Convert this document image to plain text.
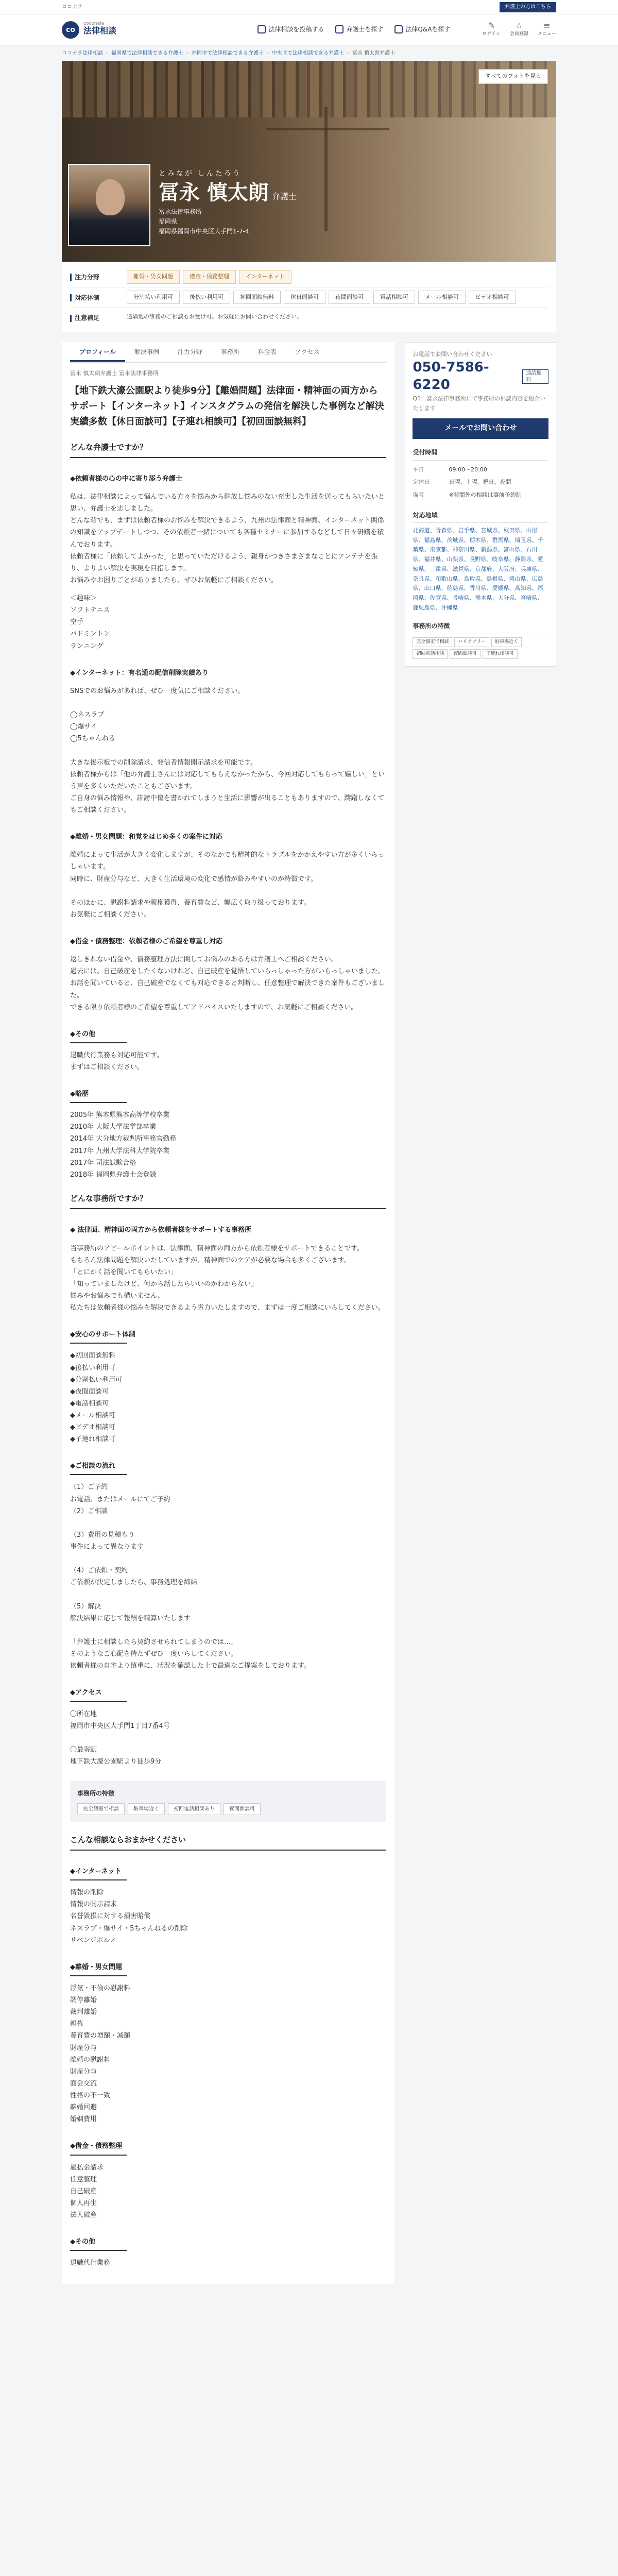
ココナラ	弁護士の方はこちら
co
coconala
法律相談	法律相談を投稿する	弁護士を探す	法律Q&Aを探す	✎
ログイン
☆
会員登録
≡
メニュー
ココナラ法律相談 › 福岡県で法律相談できる弁護士 › 福岡市で法律相談できる弁護士 › 中央区で法律相談できる弁護士 › 冨永 慎太朗弁護士
すべてのフォトを見る
とみなが しんたろう
冨永 慎太朗 弁護士
冨永法律事務所
福岡県
福岡県福岡市中央区大手門1-7-4
注力分野	離婚・男女問題	借金・債務整理	インターネット
対応体制	分割払い利用可	後払い利用可	初回面談無料	休日面談可	夜間面談可	電話相談可	メール相談可	ビデオ相談可
注意補足	遠隔地の事務のご相談もお受け可。お気軽にお問い合わせください。
プロフィール	解決事例	注力分野	事務所	料金表	アクセス
冨永 慎太朗弁護士 冨永法律事務所
【地下鉄大濠公園駅より徒歩9分】【離婚問題】法律面・精神面の両方からサポート【インターネット】インスタグラムの発信を解決した事例など解決実績多数【休日面談可】【子連れ相談可】【初回面談無料】
どんな弁護士ですか？
◆依頼者様の心の中に寄り添う弁護士
私は、法律相談によって悩んでいる方々を悩みから解放し悩みのない充実した生活を送ってもらいたいと思い、弁護士を志しました。
どんな時でも、まずは依頼者様のお悩みを解決できるよう、九州の法律面と精神面、インターネット関係の知識をアップデートしつつ、その依頼者一緒についても各種セミナーに参加するなどして日々研鑽を積んでおります。
依頼者様に「依頼してよかった」と思っていただけるよう、親身かつきさまざまなことにアンテナを張り、よりよい解決を実現を目指します。
お悩みやお困りごとがありましたら、ぜひお気軽にご相談ください。
＜趣味＞
ソフトテニス
空手
バドミントン
ランニング
◆インターネット：有名通の配信削除実績あり
SNSでのお悩みがあれば、ぜひ一度気にご相談ください。

◯ネスラブ
◯爆サイ
◯5ちゃんねる

大きな掲示板での削除請求、発信者情報開示請求を可能です。
依頼者様からは「他の弁護士さんには対応してもらえなかったから、今回対応してもらって嬉しい」という声を多くいただいたこともございます。
ご自身の悩み情報や、誹謗中傷を書かれてしまうと生活に影響が出ることもありますので、躊躇しなくてもご相談ください。
◆離婚・男女問題：和覚をはじめ多くの案件に対応
離婚によって生活が大きく変化しますが、そのなかでも精神的なトラブルをかかえやすい方が多くいらっしゃいます。
同時に、財産分与など、大きく生活環境の変化で感情が絡みやすいのが特徴です。

そのほかに、慰謝料請求や親権獲得、養育費など、幅広く取り扱っております。
お気軽にご相談ください。
◆借金・債務整理：依頼者様のご希望を尊重し対応
返しきれない借金や、債務整理方法に関してお悩みのある方は弁護士へご相談ください。
過去には、自己破産をしたくないけれど、自己破産を覚悟していらっしゃった方がいらっしゃいました。
お話を聞いていると、自己破産でなくても対応できると判断し、任意整理で解決できた案件もございました。
できる限り依頼者様のご希望を尊重してアドバイスいたしますので、お気軽にご相談ください。
◆その他
退職代行業務も対応可能です。
まずはご相談ください。
◆略歴
2005年 熊本県熊本高等学校卒業
2010年 大阪大学法学部卒業
2014年 大分地方裁判所事務官勤務
2017年 九州大学法科大学院卒業
2017年 司法試験合格
2018年 福岡県弁護士会登録
どんな事務所ですか？
◆ 法律面、精神面の両方から依頼者様をサポートする事務所
当事務所のアピールポイントは、法律面、精神面の両方から依頼者様をサポートできることです。
もちろん法律問題を解決いたしていますが、精神面でのケアが必要な場合も多くございます。
「とにかく話を聞いてもらいたい」
「知っていましたけど、何から話したらいいのかわからない」
悩みやお悩みでも構いません。
私たちは依頼者様の悩みを解決できるよう労力いたしますので、まずは一度ご相談にいらしてください。
◆安心のサポート体制
◆初回面談無料
◆後払い利用可
◆分割払い利用可
◆夜間面談可
◆電話相談可
◆メール相談可
◆ビデオ相談可
◆子連れ相談可
◆ご相談の流れ
（1）ご予約
お電話、またはメールにてご予約
（2）ご相談

（3）費用の見積もり
事件によって異なります

（4）ご依頼・契約
ご依頼が決定しましたら、事務処理を締結

（5）解決
解決結果に応じて報酬を精算いたします

「弁護士に相談したら契約させられてしまうのでは…」
そのようなご心配を持たずぜひ一度いらしてください。
依頼者様の自宅より慎重に、状況を確認した上で最適なご提案をしております。
◆アクセス
〇所在地
福岡市中央区大手門1丁目7番4号

〇最寄駅
地下鉄大濠公園駅より徒歩9分
事務所の特徴
完全個室で相談	駐車場近く	初回電話相談あり	夜間面談可
こんな相談ならおまかせください
◆インターネット
情報の削除
情報の開示請求
名誉毀損に対する損害賠償
ネスラブ・爆サイ・5ちゃんねるの削除
リベンジポルノ
◆離婚・男女問題
浮気・不倫の慰謝料
調停離婚
裁判離婚
親権
養育費の増額・減額
財産分与
離婚の慰謝料
財産分与
面会交流
性格の不一致
離婚回避
婚姻費用
◆借金・債務整理
過払金請求
任意整理
自己破産
個人再生
法人破産
◆その他
退職代行業務
お電話でお問い合わせください
050-7586-6220
通話無料
Q1：冨永法律事務所にて事務所の相談内容を紹介いたします
メールでお問い合わせ
受付時間
平日	09:00～20:00
定休日	日曜、土曜、祝日、夜間
備考	※時間外の相談は事前予約制
対応地域
北海道、青森県、岩手県、宮城県、秋田県、山形県、福島県、茨城県、栃木県、群馬県、埼玉県、千葉県、東京都、神奈川県、新潟県、富山県、石川県、福井県、山梨県、長野県、岐阜県、静岡県、愛知県、三重県、滋賀県、京都府、大阪府、兵庫県、奈良県、和歌山県、鳥取県、島根県、岡山県、広島県、山口県、徳島県、香川県、愛媛県、高知県、福岡県、佐賀県、長崎県、熊本県、大分県、宮崎県、鹿児島県、沖縄県
事務所の特徴
完全個室で相談	バリアフリー	駐車場近く
初回電話相談	夜間面談可	子連れ相談可
